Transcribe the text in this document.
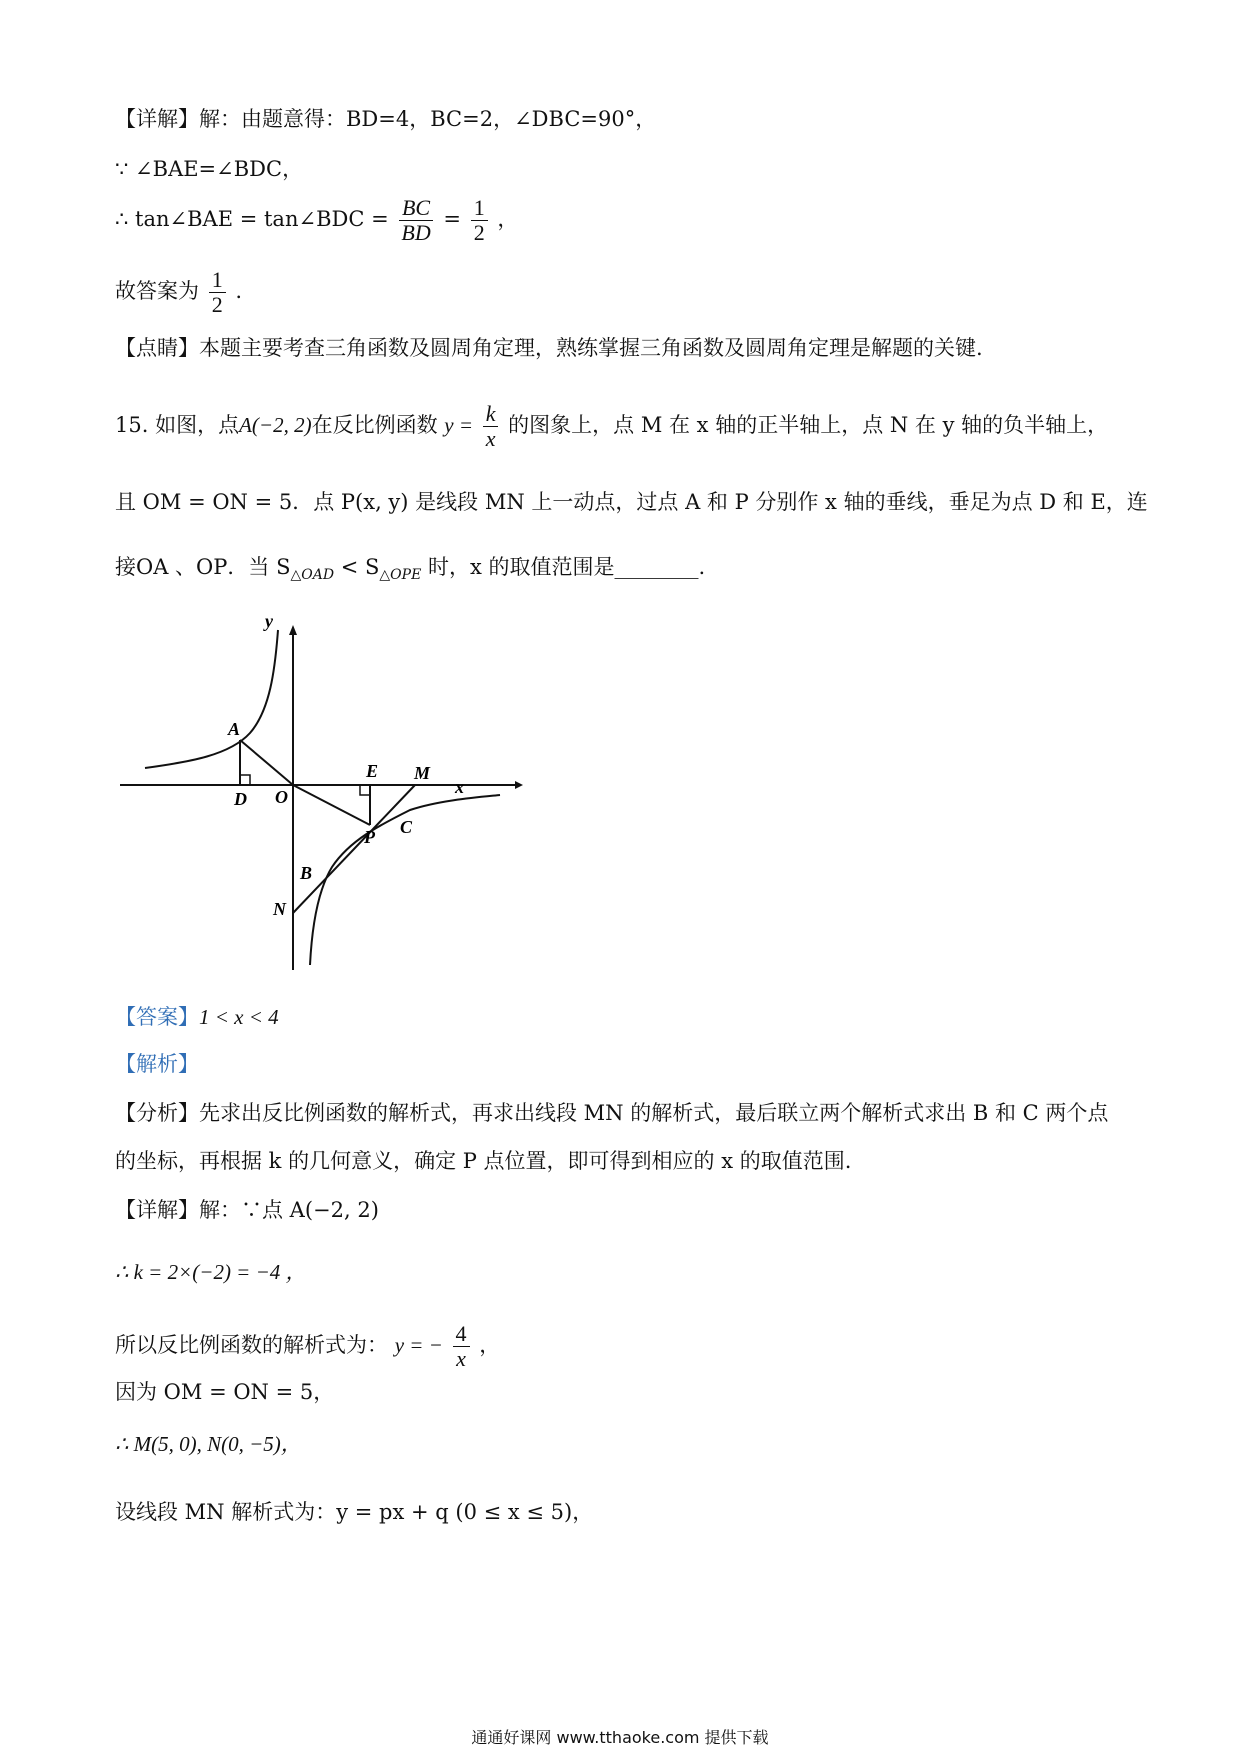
【详解】解：由题意得：BD=4，BC=2，∠DBC=90°，
∵ ∠BAE=∠BDC，
∴ tan∠BAE = tan∠BDC = $\frac{BC}{BD} = \frac{1}{2}$ ，
故答案为 $\frac{1}{2}$ .
【点睛】本题主要考查三角函数及圆周角定理，熟练掌握三角函数及圆周角定理是解题的关键.
15. 如图，点A(−2, 2)在反比例函数 $y = \frac{k}{x}$ 的图象上，点 M 在 x 轴的正半轴上，点 N 在 y 轴的负半轴上，
且 OM = ON = 5．点 P(x, y) 是线段 MN 上一动点，过点 A 和 P 分别作 x 轴的垂线，垂足为点 D 和 E，连
接OA 、OP．当 $S_{\triangle OAD} < S_{\triangle OPE}$ 时，x 的取值范围是________.
y
x
A
D O
E M
P C
B
N
【答案】1 < x < 4
【解析】
【分析】先求出反比例函数的解析式，再求出线段 MN 的解析式，最后联立两个解析式求出 B 和 C 两个点
的坐标，再根据 k 的几何意义，确定 P 点位置，即可得到相应的 x 的取值范围.
【详解】解：∵点 A(−2, 2)
∴ k = 2×(−2) = −4 ，
所以反比例函数的解析式为： y = − $\frac{4}{x}$ ，
因为 OM = ON = 5，
∴ M(5, 0), N(0, −5)，
设线段 MN 解析式为：y = px + q (0 ≤ x ≤ 5)，
通通好课网 www.tthaoke.com 提供下载
